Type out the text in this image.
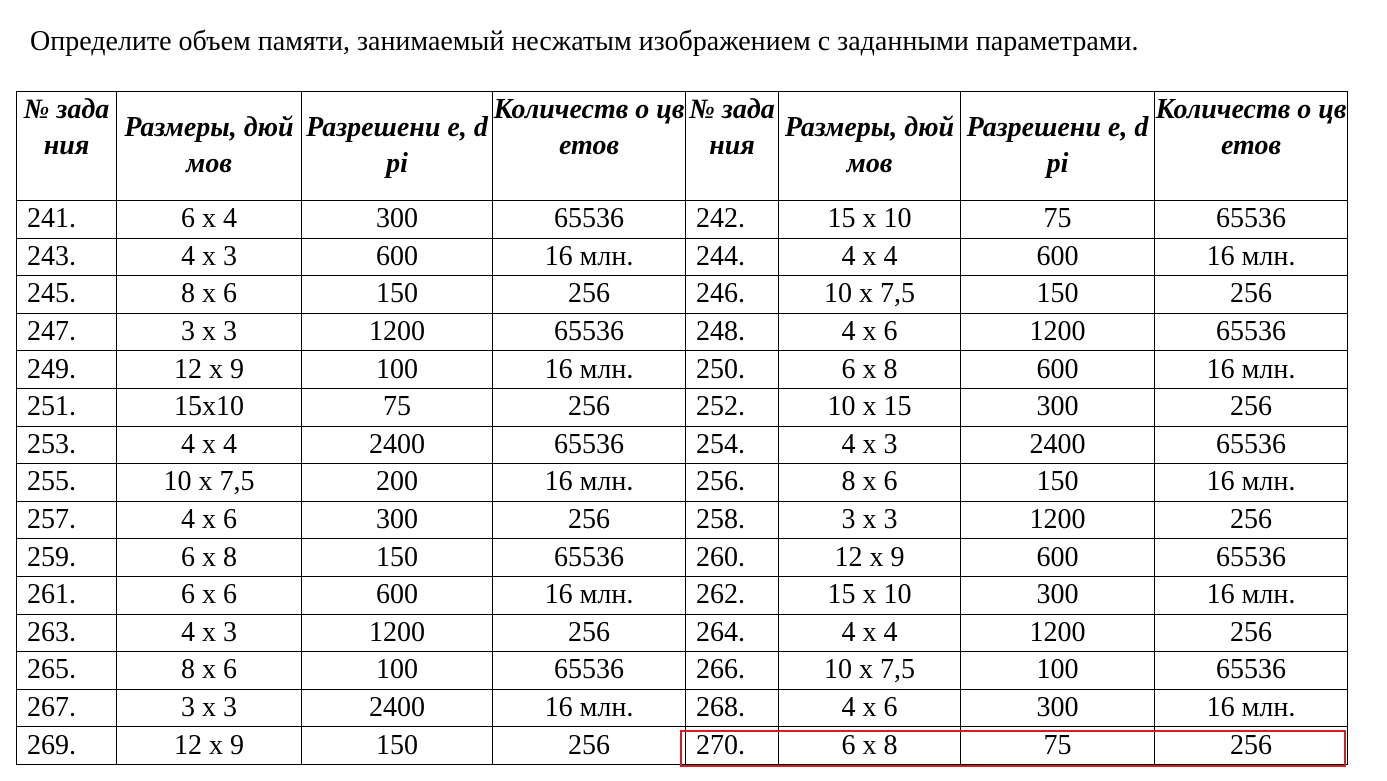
Определите объем памяти, занимаемый несжатым изображением с заданными параметрами.
№ зада ния	Размеры, дюймов	Разрешени е, dpi	Количеств о цветов	№ зада ния	Размеры, дюймов	Разрешени е, dpi	Количеств о цветов
241.	6 х 4	300	65536	242.	15 х 10	75	65536
243.	4 х 3	600	16 млн.	244.	4 х 4	600	16 млн.
245.	8 х 6	150	256	246.	10 х 7,5	150	256
247.	3 х 3	1200	65536	248.	4 х 6	1200	65536
249.	12 х 9	100	16 млн.	250.	6 х 8	600	16 млн.
251.	15х10	75	256	252.	10 х 15	300	256
253.	4 х 4	2400	65536	254.	4 х 3	2400	65536
255.	10 х 7,5	200	16 млн.	256.	8 х 6	150	16 млн.
257.	4 х 6	300	256	258.	3 х 3	1200	256
259.	6 х 8	150	65536	260.	12 х 9	600	65536
261.	6 х 6	600	16 млн.	262.	15 х 10	300	16 млн.
263.	4 х 3	1200	256	264.	4 х 4	1200	256
265.	8 х 6	100	65536	266.	10 х 7,5	100	65536
267.	3 х 3	2400	16 млн.	268.	4 х 6	300	16 млн.
269.	12 х 9	150	256	270.	6 х 8	75	256
